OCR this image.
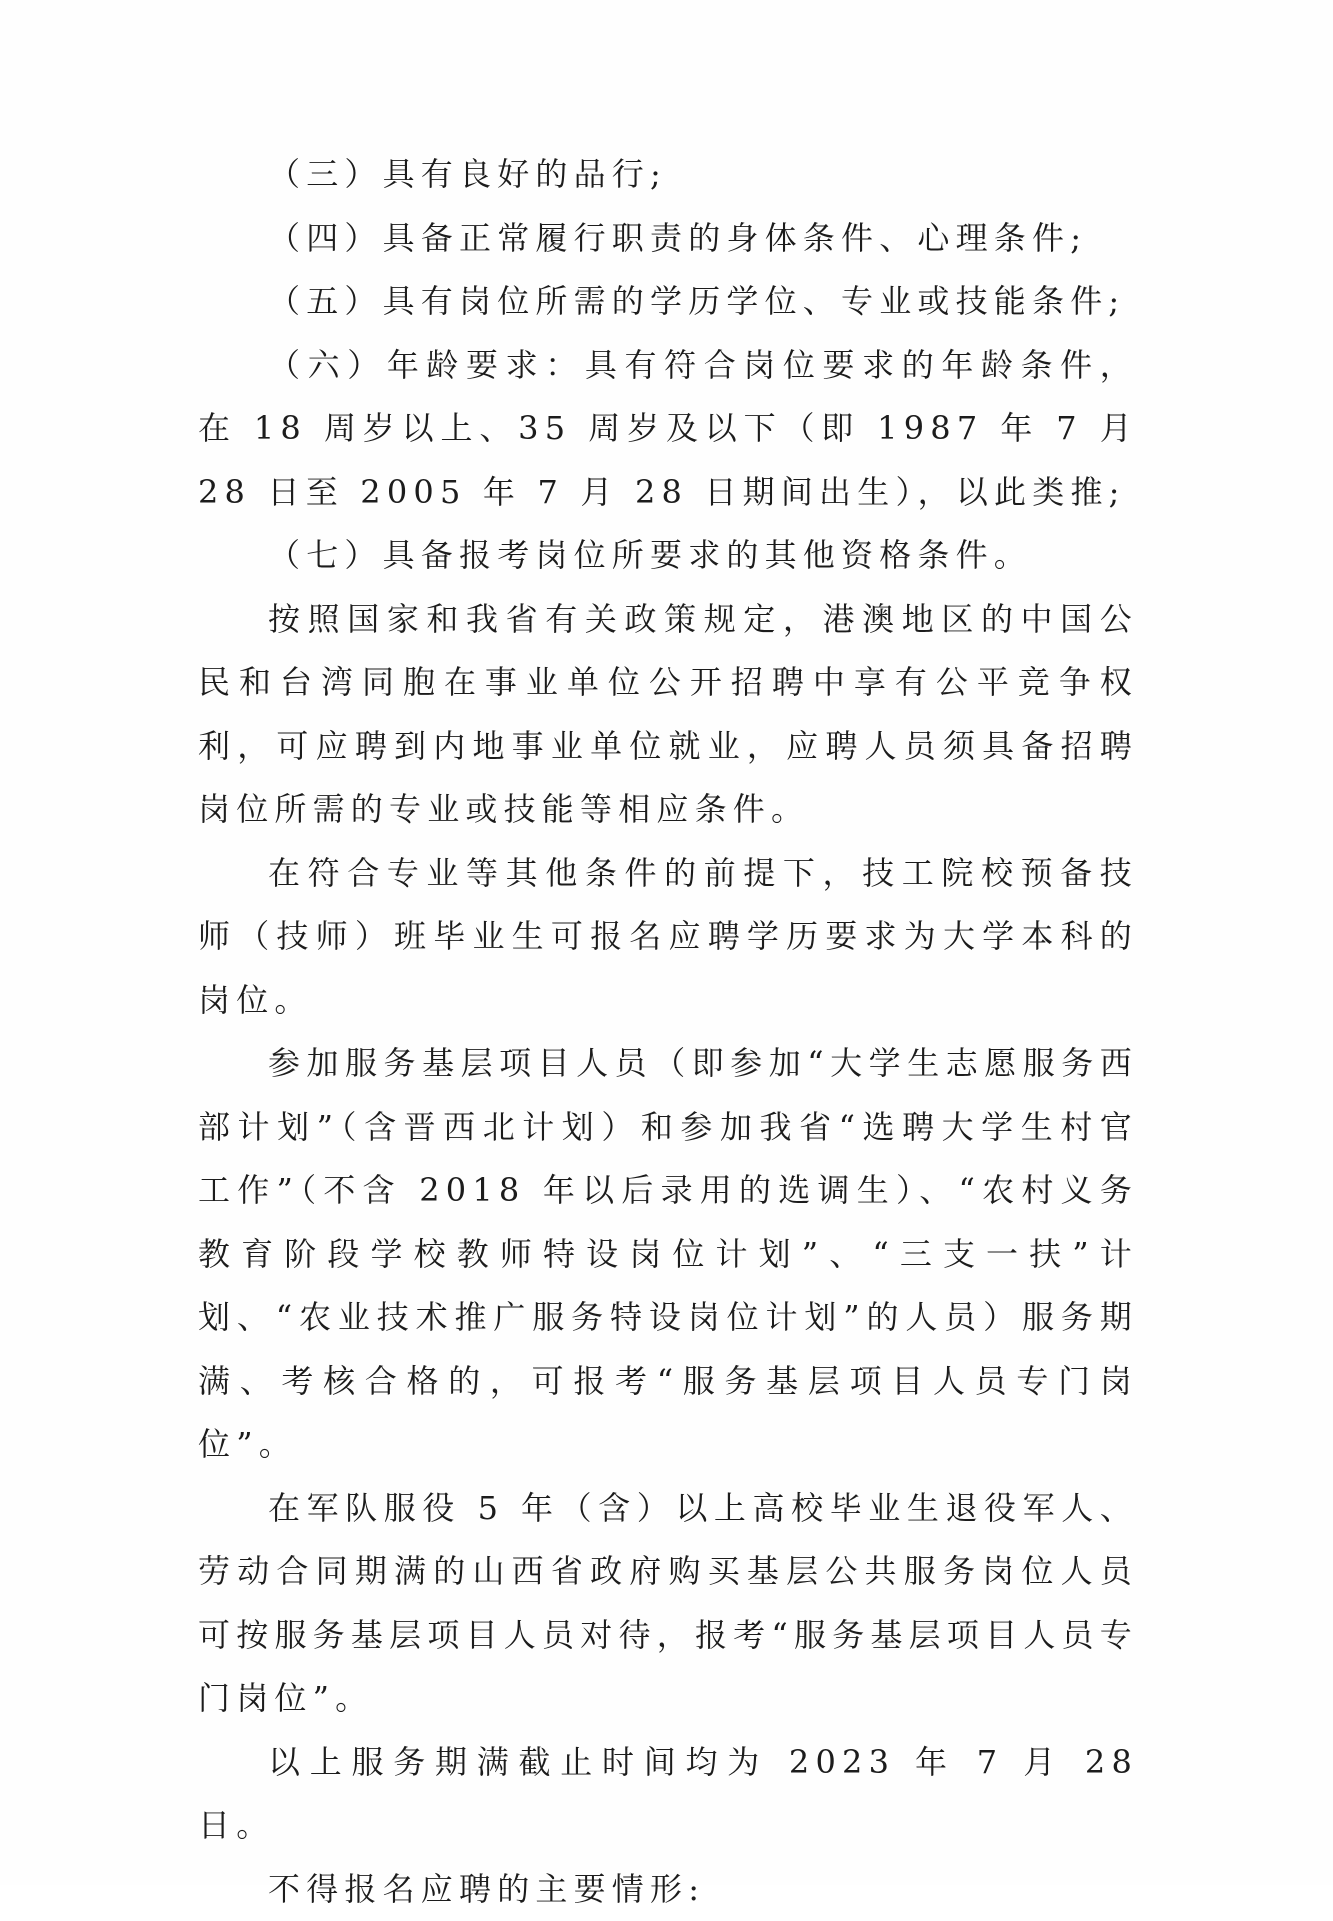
（三）具有良好的品行;

（四）具备正常履行职责的身体条件、心理条件;

（五）具有岗位所需的学历学位、专业或技能条件;

（六）年龄要求：具有符合岗位要求的年龄条件，在 18 周岁以上、35 周岁及以下（即 1987 年 7 月 28 日至 2005 年 7 月 28 日期间出生），以此类推;

（七）具备报考岗位所要求的其他资格条件。

按照国家和我省有关政策规定，港澳地区的中国公民和台湾同胞在事业单位公开招聘中享有公平竞争权利，可应聘到内地事业单位就业，应聘人员须具备招聘岗位所需的专业或技能等相应条件。

在符合专业等其他条件的前提下，技工院校预备技师（技师）班毕业生可报名应聘学历要求为大学本科的岗位。

参加服务基层项目人员（即参加“大学生志愿服务西部计划”（含晋西北计划）和参加我省“选聘大学生村官工作”（不含 2018 年以后录用的选调生）、“农村义务教育阶段学校教师特设岗位计划”、“三支一扶”计划、“农业技术推广服务特设岗位计划”的人员）服务期满、考核合格的，可报考“服务基层项目人员专门岗位”。

在军队服役 5 年（含）以上高校毕业生退役军人、劳动合同期满的山西省政府购买基层公共服务岗位人员可按服务基层项目人员对待，报考“服务基层项目人员专门岗位”。

以上服务期满截止时间均为 2023 年 7 月 28 日。

不得报名应聘的主要情形:
